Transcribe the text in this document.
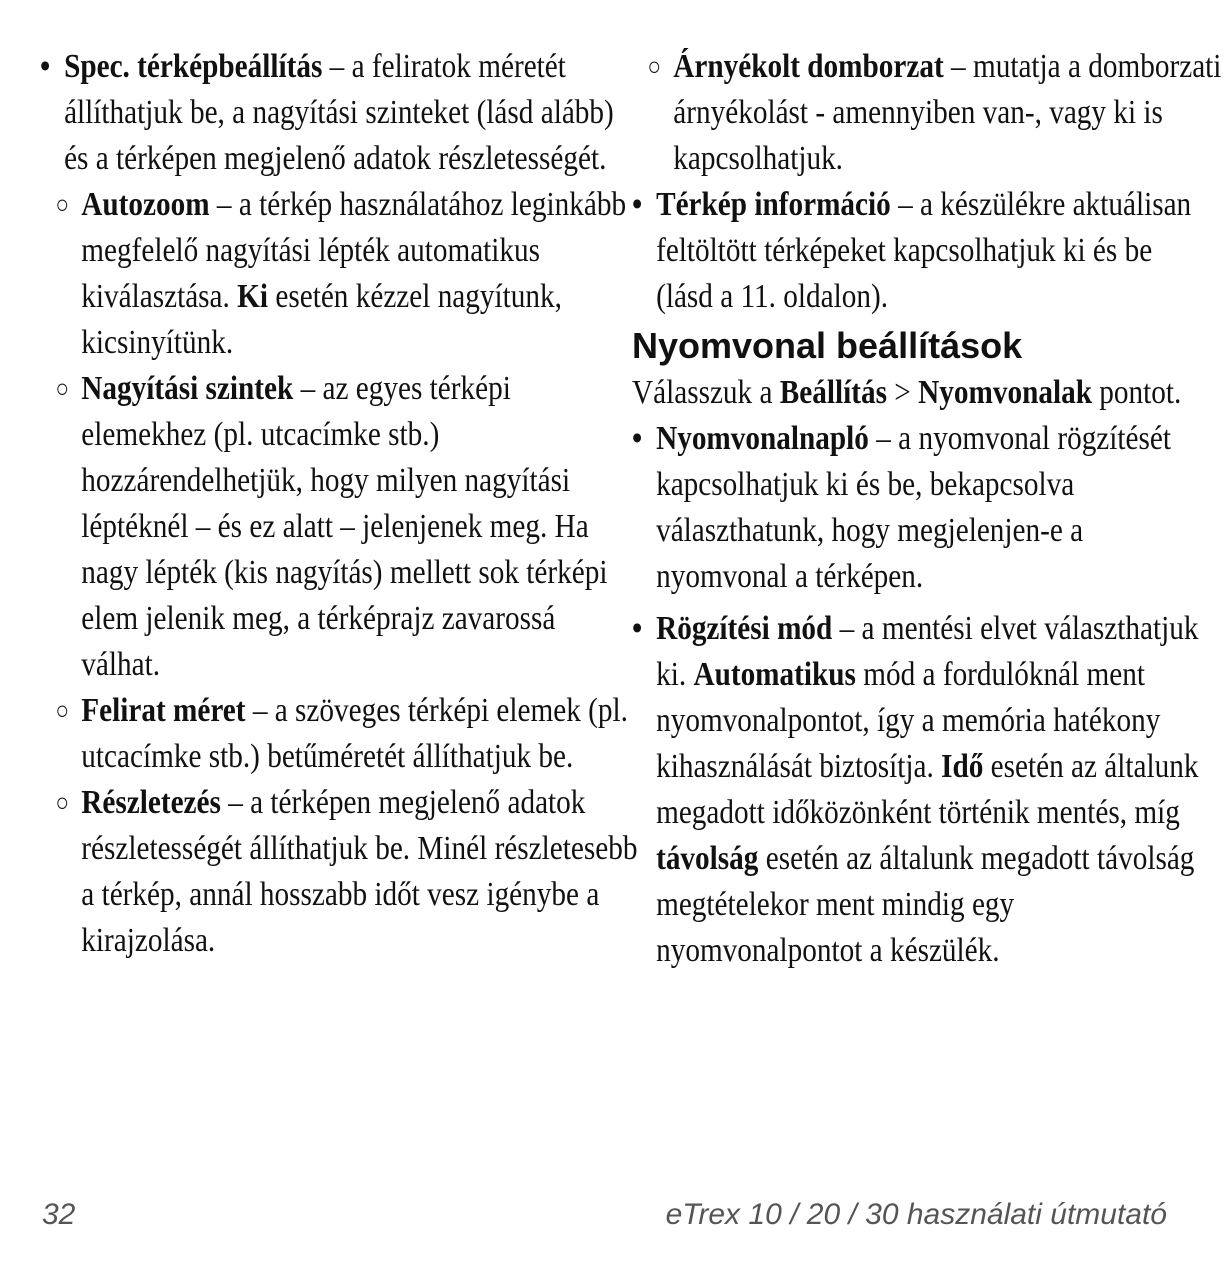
• Spec. térképbeállítás – a feliratok méretét állíthatjuk be, a nagyítási szinteket (lásd alább) és a térképen megjelenő adatok részletességét.
○ Autozoom – a térkép használatához leginkább megfelelő nagyítási lépték automatikus kiválasztása. Ki esetén kézzel nagyítunk, kicsinyítünk.
○ Nagyítási szintek – az egyes térképi elemekhez (pl. utcacímke stb.) hozzárendelhetjük, hogy milyen nagyítási léptéknél – és ez alatt – jelenjenek meg. Ha nagy lépték (kis nagyítás) mellett sok térképi elem jelenik meg, a térképrajz zavarossá válhat.
○ Felirat méret – a szöveges térképi elemek (pl. utcacímke stb.) betűméretét állíthatjuk be.
○ Részletezés – a térképen megjelenő adatok részletességét állíthatjuk be. Minél részletesebb a térkép, annál hosszabb időt vesz igénybe a kirajzolása.
○ Árnyékolt domborzat – mutatja a domborzati árnyékolást - amennyiben van-, vagy ki is kapcsolhatjuk.
• Térkép információ – a készülékre aktuálisan feltöltött térképeket kapcsolhatjuk ki és be (lásd a 11. oldalon).
Nyomvonal beállítások
Válasszuk a Beállítás > Nyomvonalak pontot.
• Nyomvonalnapló – a nyomvonal rögzítését kapcsolhatjuk ki és be, bekapcsolva választhatunk, hogy megjelenjen-e a nyomvonal a térképen.
• Rögzítési mód – a mentési elvet választhatjuk ki. Automatikus mód a fordulóknál ment nyomvonalpontot, így a memória hatékony kihasználását biztosítja. Idő esetén az általunk megadott időközönként történik mentés, míg távolság esetén az általunk megadott távolság megtételekor ment mindig egy nyomvonalpontot a készülék.
32	eTrex 10 / 20 / 30 használati útmutató
